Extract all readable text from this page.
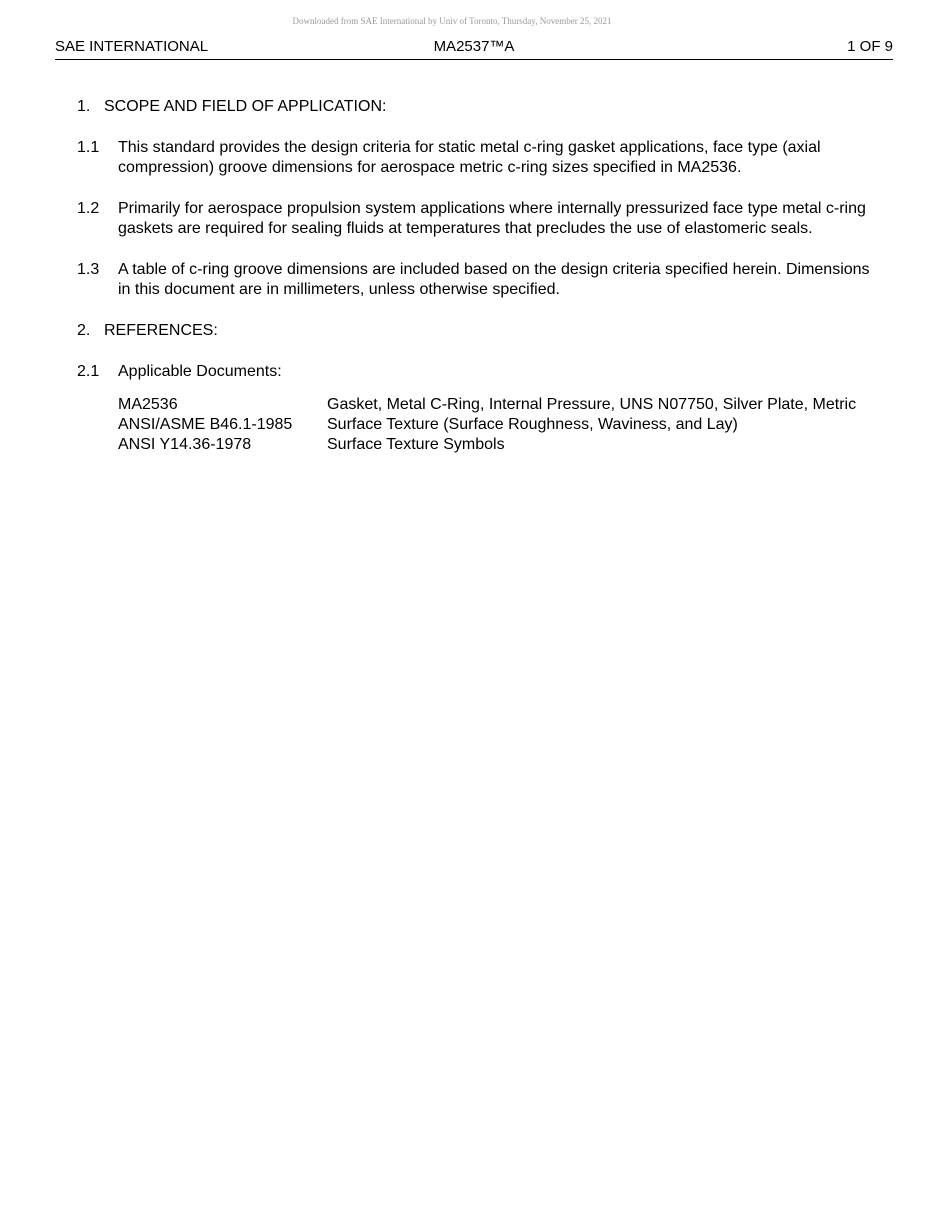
Downloaded from SAE International by Univ of Toronto, Thursday, November 25, 2021
MA2537™A
SAE INTERNATIONAL	1 OF 9
1. SCOPE AND FIELD OF APPLICATION:
1.1 This standard provides the design criteria for static metal c-ring gasket applications, face type (axial compression) groove dimensions for aerospace metric c-ring sizes specified in MA2536.
1.2 Primarily for aerospace propulsion system applications where internally pressurized face type metal c-ring gaskets are required for sealing fluids at temperatures that precludes the use of elastomeric seals.
1.3 A table of c-ring groove dimensions are included based on the design criteria specified herein. Dimensions in this document are in millimeters, unless otherwise specified.
2. REFERENCES:
2.1 Applicable Documents:
MA2536	Gasket, Metal C-Ring, Internal Pressure, UNS N07750, Silver Plate, Metric
ANSI/ASME B46.1-1985	Surface Texture (Surface Roughness, Waviness, and Lay)
ANSI Y14.36-1978	Surface Texture Symbols
